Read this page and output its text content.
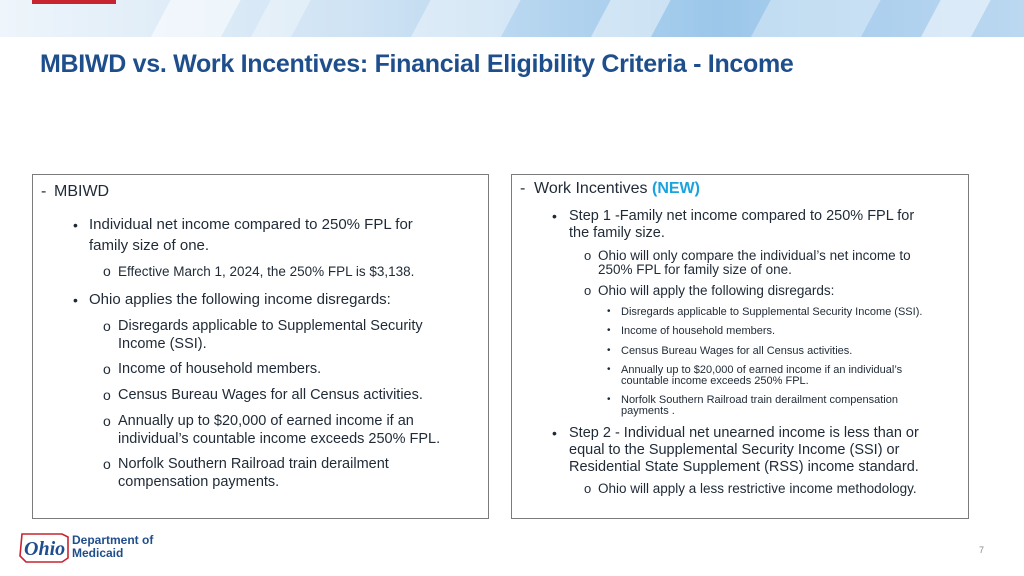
MBIWD vs. Work Incentives: Financial Eligibility Criteria - Income
- MBIWD
• Individual net income compared to 250% FPL for
family size of one.
o Effective March 1, 2024, the 250% FPL is $3,138.
• Ohio applies the following income disregards:
o Disregards applicable to Supplemental Security
Income (SSI).
o Income of household members.
o Census Bureau Wages for all Census activities.
o Annually up to $20,000 of earned income if an
individual’s countable income exceeds 250% FPL.
o Norfolk Southern Railroad train derailment
compensation payments.
- Work Incentives (NEW)
• Step 1 -Family net income compared to 250% FPL for
the family size.
o Ohio will only compare the individual’s net income to
250% FPL for family size of one.
o Ohio will apply the following disregards:
• Disregards applicable to Supplemental Security Income (SSI).
• Income of household members.
• Census Bureau Wages for all Census activities.
• Annually up to $20,000 of earned income if an individual’s
countable income exceeds 250% FPL.
• Norfolk Southern Railroad train derailment compensation
payments .
• Step 2 - Individual net unearned income is less than or
equal to the Supplemental Security Income (SSI) or
Residential State Supplement (RSS) income standard.
o Ohio will apply a less restrictive income methodology.
Ohio Department of
Medicaid	7
